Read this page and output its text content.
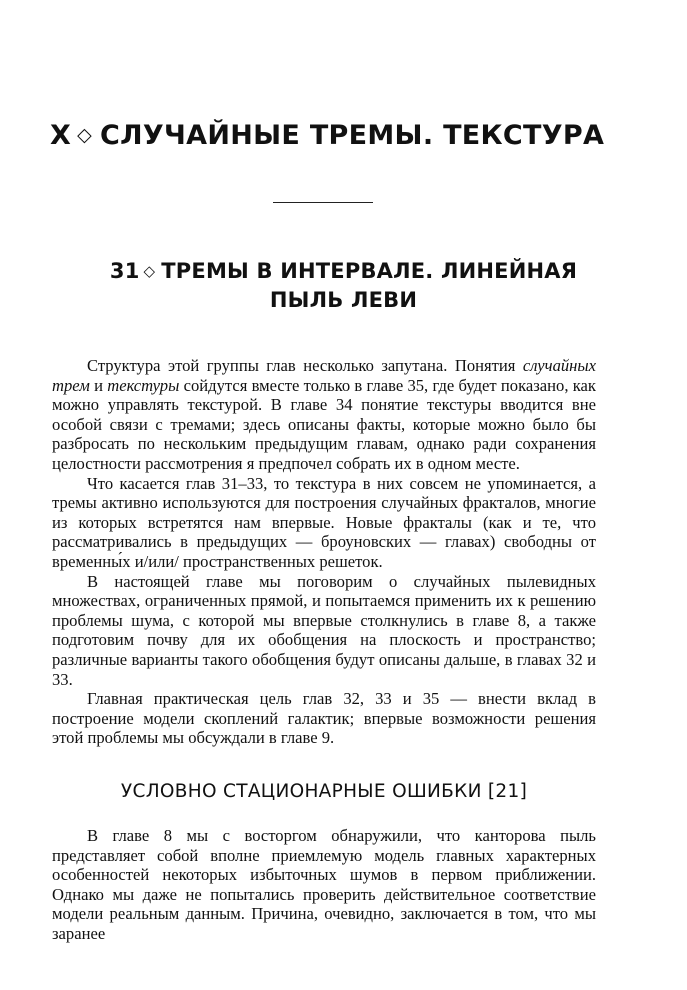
X ◇ СЛУЧАЙНЫЕ ТРЕМЫ. ТЕКСТУРА
31 ◇ ТРЕМЫ В ИНТЕРВАЛЕ. ЛИНЕЙНАЯ
ПЫЛЬ ЛЕВИ

Структура этой группы глав несколько запутана. Понятия случайных трем и текстуры сойдутся вместе только в главе 35, где будет показано, как можно управлять текстурой. В главе 34 понятие текстуры вводится вне особой связи с тремами; здесь описаны факты, которые можно было бы разбросать по нескольким предыдущим главам, однако ради сохранения целостности рассмотрения я предпочел собрать их в одном месте.

Что касается глав 31–33, то текстура в них совсем не упоминается, а тремы активно используются для построения случайных фракталов, многие из которых встретятся нам впервые. Новые фракталы (как и те, что рассматривались в предыдущих — броуновских — главах) свободны от временны́х и/или/ пространственных решеток.

В настоящей главе мы поговорим о случайных пылевидных множествах, ограниченных прямой, и попытаемся применить их к решению проблемы шума, с которой мы впервые столкнулись в главе 8, а также подготовим почву для их обобщения на плоскость и пространство; различные варианты такого обобщения будут описаны дальше, в главах 32 и 33.

Главная практическая цель глав 32, 33 и 35 — внести вклад в построение модели скоплений галактик; впервые возможности решения этой проблемы мы обсуждали в главе 9.

УСЛОВНО СТАЦИОНАРНЫЕ ОШИБКИ [21]

В главе 8 мы с восторгом обнаружили, что канторова пыль представляет собой вполне приемлемую модель главных характерных особенностей некоторых избыточных шумов в первом приближении. Однако мы даже не попытались проверить действительное соответствие модели реальным данным. Причина, очевидно, заключается в том, что мы заранее
